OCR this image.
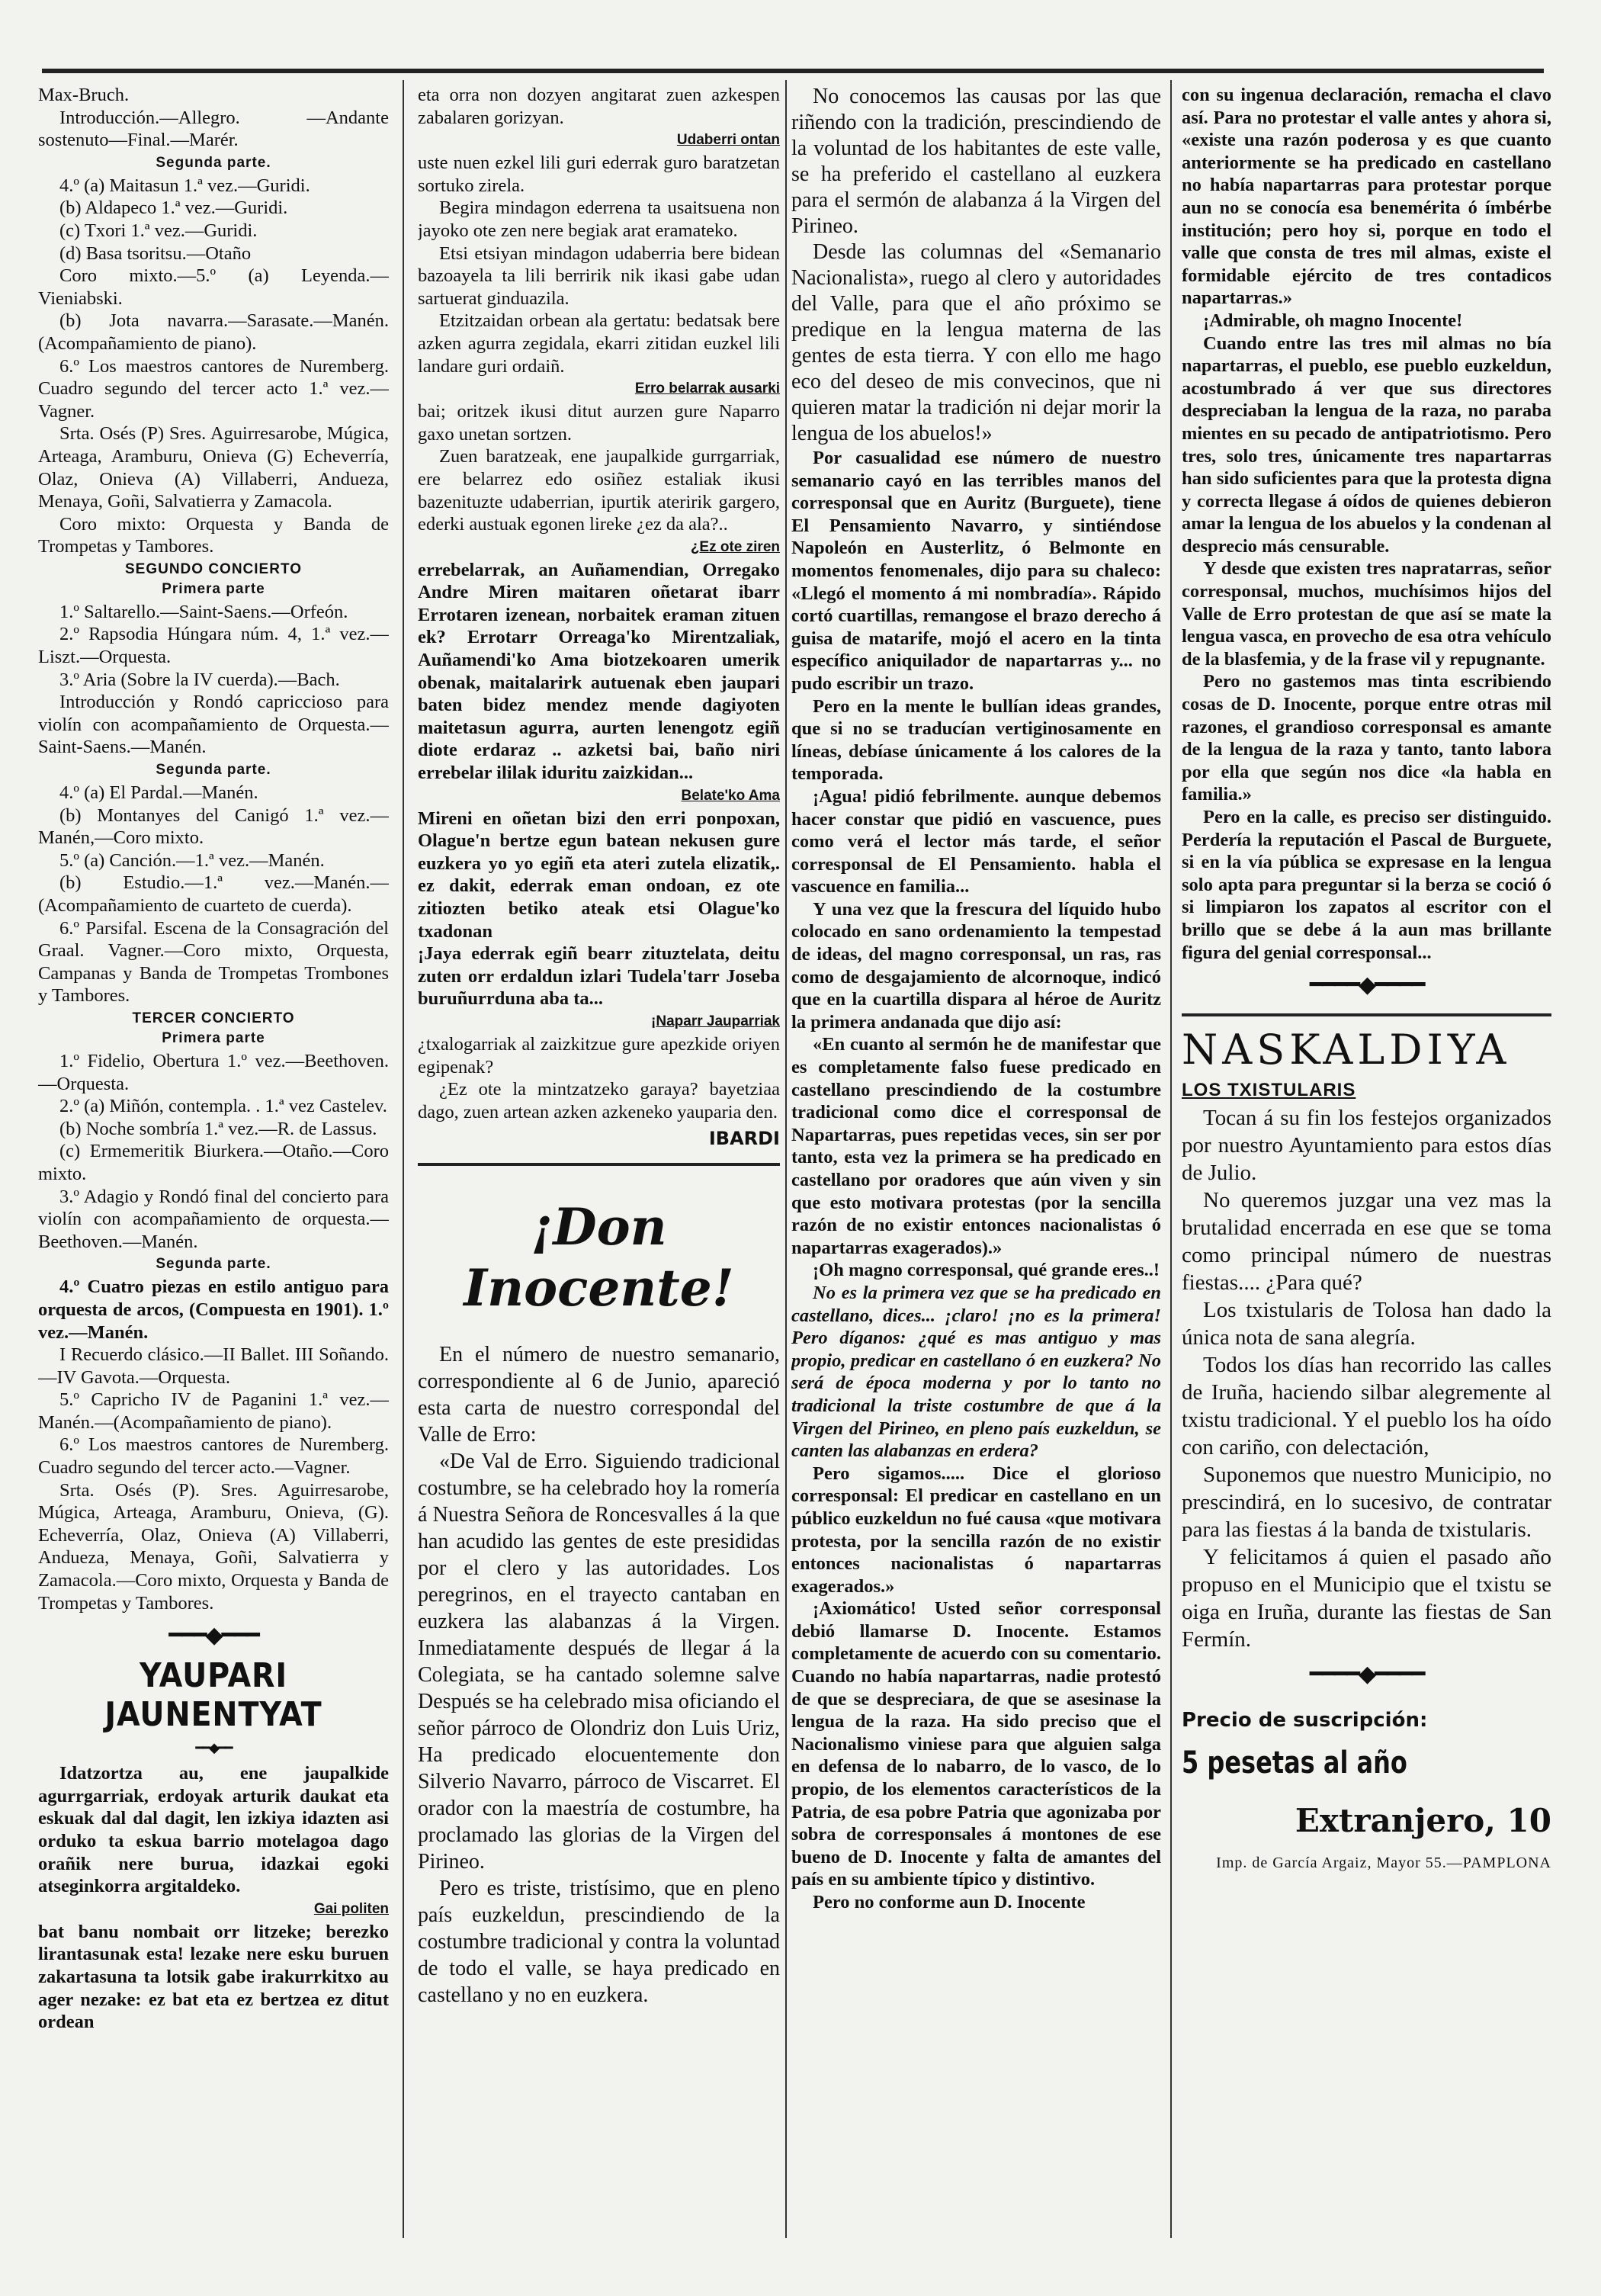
Max-Bruch.

Introducción.—Allegro. —Andante sostenuto—Final.—Marér.

Segunda parte.

4.º (a) Maitasun 1.ª vez.—Guridi.

(b) Aldapeco 1.ª vez.—Guridi.

(c) Txori 1.ª vez.—Guridi.

(d) Basa tsoritsu.—Otaño

Coro mixto.—5.º (a) Leyenda.—Vieniabski.

(b) Jota navarra.—Sarasate.—Manén. (Acompañamiento de piano).

6.º Los maestros cantores de Nuremberg. Cuadro segundo del tercer acto 1.ª vez.—Vagner.

Srta. Osés (P) Sres. Aguirresarobe, Múgica, Arteaga, Aramburu, Onieva (G) Echeverría, Olaz, Onieva (A) Villaberri, Andueza, Menaya, Goñi, Salvatierra y Zamacola.

Coro mixto: Orquesta y Banda de Trompetas y Tambores.

SEGUNDO CONCIERTO

Primera parte

1.º Saltarello.—Saint-Saens.—Orfeón.

2.º Rapsodia Húngara núm. 4, 1.ª vez.—Liszt.—Orquesta.

3.º Aria (Sobre la IV cuerda).—Bach.

Introducción y Rondó capriccioso para violín con acompañamiento de Orquesta.—Saint-Saens.—Manén.

Segunda parte.

4.º (a) El Pardal.—Manén.

(b) Montanyes del Canigó 1.ª vez.—Manén,—Coro mixto.

5.º (a) Canción.—1.ª vez.—Manén.

(b) Estudio.—1.ª vez.—Manén.—(Acompañamiento de cuarteto de cuerda).

6.º Parsifal. Escena de la Consagración del Graal. Vagner.—Coro mixto, Orquesta, Campanas y Banda de Trompetas Trombones y Tambores.

TERCER CONCIERTO

Primera parte

1.º Fidelio, Obertura 1.º vez.—Beethoven.—Orquesta.

2.º (a) Miñón, contempla. . 1.ª vez Castelev.

(b) Noche sombría 1.ª vez.—R. de Lassus.

(c) Ermemeritik Biurkera.—Otaño.—Coro mixto.

3.º Adagio y Rondó final del concierto para violín con acompañamiento de orquesta.—Beethoven.—Manén.

Segunda parte.

4.º Cuatro piezas en estilo antiguo para orquesta de arcos, (Compuesta en 1901). 1.º vez.—Manén.

I Recuerdo clásico.—II Ballet. III Soñando.—IV Gavota.—Orquesta.

5.º Capricho IV de Paganini 1.ª vez.—Manén.—(Acompañamiento de piano).

6.º Los maestros cantores de Nuremberg. Cuadro segundo del tercer acto.—Vagner.

Srta. Osés (P). Sres. Aguirresarobe, Múgica, Arteaga, Aramburu, Onieva, (G). Echeverría, Olaz, Onieva (A) Villaberri, Andueza, Menaya, Goñi, Salvatierra y Zamacola.—Coro mixto, Orquesta y Banda de Trompetas y Tambores.

━━━◆━━━

YAUPARI JAUNENTYAT

━━◆━━

Idatzortza au, ene jaupalkide agurrgarriak, erdoyak arturik daukat eta eskuak dal dal dagit, len izkiya idazten asi orduko ta eskua barrio motelagoa dago orañik nere burua, idazkai egoki atseginkorra argitaldeko.

Gai politen

bat banu nombait orr litzeke; berezko lirantasunak esta! lezake nere esku buruen zakartasuna ta lotsik gabe irakurrkitxo au ager nezake: ez bat eta ez bertzea ez ditut ordean

eta orra non dozyen angitarat zuen azkespen zabalaren gorizyan.

Udaberri ontan

uste nuen ezkel lili guri ederrak guro baratzetan sortuko zirela.

Begira mindagon ederrena ta usaitsuena non jayoko ote zen nere begiak arat eramateko.

Etsi etsiyan mindagon udaberria bere bidean bazoayela ta lili berririk nik ikasi gabe udan sartuerat ginduazila.

Etzitzaidan orbean ala gertatu: bedatsak bere azken agurra zegidala, ekarri zitidan euzkel lili landare guri ordaiñ.

Erro belarrak ausarki

bai; oritzek ikusi ditut aurzen gure Naparro gaxo unetan sortzen.

Zuen baratzeak, ene jaupalkide gurrgarriak, ere belarrez edo osiñez estaliak ikusi bazenituzte udaberrian, ipurtik ateririk gargero, ederki austuak egonen lireke ¿ez da ala?..

¿Ez ote ziren

errebelarrak, an Auñamendian, Orregako Andre Miren maitaren oñetarat ibarr Errotaren izenean, norbaitek eraman zituen ek? Errotarr Orreaga'ko Mirentzaliak, Auñamendi'ko Ama biotzekoaren umerik obenak, maitalarirk autuenak eben jaupari baten bidez mendez mende dagiyoten maitetasun agurra, aurten lenengotz egiñ diote erdaraz .. azketsi bai, baño niri errebelar ililak iduritu zaizkidan...

Belate'ko Ama

Mireni en oñetan bizi den erri ponpoxan, Olague'n bertze egun batean nekusen gure euzkera yo yo egiñ eta ateri zutela elizatik,. ez dakit, ederrak eman ondoan, ez ote zitiozten betiko ateak etsi Olague'ko txadonan

¡Jaya ederrak egiñ bearr zituztelata, deitu zuten orr erdaldun izlari Tudela'tarr Joseba buruñurrduna aba ta...

¡Naparr Jauparriak

¿txalogarriak al zaizkitzue gure apezkide oriyen egipenak?

¿Ez ote la mintzatzeko garaya? bayetziaa dago, zuen artean azken azkeneko yauparia den.

IBARDI

¡Don Inocente!

En el número de nuestro semanario, correspondiente al 6 de Junio, apareció esta carta de nuestro correspondal del Valle de Erro:

«De Val de Erro. Siguiendo tradicional costumbre, se ha celebrado hoy la romería á Nuestra Señora de Roncesvalles á la que han acudido las gentes de este presididas por el clero y las autoridades. Los peregrinos, en el trayecto cantaban en euzkera las alabanzas á la Virgen. Inmediatamente después de llegar á la Colegiata, se ha cantado solemne salve Después se ha celebrado misa oficiando el señor párroco de Olondriz don Luis Uriz, Ha predicado elocuentemente don Silverio Navarro, párroco de Viscarret. El orador con la maestría de costumbre, ha proclamado las glorias de la Virgen del Pirineo.

Pero es triste, tristísimo, que en pleno país euzkeldun, prescindiendo de la costumbre tradicional y contra la voluntad de todo el valle, se haya predicado en castellano y no en euzkera.

No conocemos las causas por las que riñendo con la tradición, prescindiendo de la voluntad de los habitantes de este valle, se ha preferido el castellano al euzkera para el sermón de alabanza á la Virgen del Pirineo.

Desde las columnas del «Semanario Nacionalista», ruego al clero y autoridades del Valle, para que el año próximo se predique en la lengua materna de las gentes de esta tierra. Y con ello me hago eco del deseo de mis convecinos, que ni quieren matar la tradición ni dejar morir la lengua de los abuelos!»

Por casualidad ese número de nuestro semanario cayó en las terribles manos del corresponsal que en Auritz (Burguete), tiene El Pensamiento Navarro, y sintiéndose Napoleón en Austerlitz, ó Belmonte en momentos fenomenales, dijo para su chaleco: «Llegó el momento á mi nombradía». Rápido cortó cuartillas, remangose el brazo derecho á guisa de matarife, mojó el acero en la tinta específico aniquilador de napartarras y... no pudo escribir un trazo.

Pero en la mente le bullían ideas grandes, que si no se traducían vertiginosamente en líneas, debíase únicamente á los calores de la temporada.

¡Agua! pidió febrilmente. aunque debemos hacer constar que pidió en vascuence, pues como verá el lector más tarde, el señor corresponsal de El Pensamiento. habla el vascuence en familia...

Y una vez que la frescura del líquido hubo colocado en sano ordenamiento la tempestad de ideas, del magno corresponsal, un ras, ras como de desgajamiento de alcornoque, indicó que en la cuartilla dispara al héroe de Auritz la primera andanada que dijo así:

«En cuanto al sermón he de manifestar que es completamente falso fuese predicado en castellano prescindiendo de la costumbre tradicional como dice el corresponsal de Napartarras, pues repetidas veces, sin ser por tanto, esta vez la primera se ha predicado en castellano por oradores que aún viven y sin que esto motivara protestas (por la sencilla razón de no existir entonces nacionalistas ó napartarras exagerados).»

¡Oh magno corresponsal, qué grande eres..!

No es la primera vez que se ha predicado en castellano, dices... ¡claro! ¡no es la primera! Pero díganos: ¿qué es mas antiguo y mas propio, predicar en castellano ó en euzkera? No será de época moderna y por lo tanto no tradicional la triste costumbre de que á la Virgen del Pirineo, en pleno país euzkeldun, se canten las alabanzas en erdera?

Pero sigamos..... Dice el glorioso corresponsal: El predicar en castellano en un público euzkeldun no fué causa «que motivara protesta, por la sencilla razón de no existir entonces nacionalistas ó napartarras exagerados.»

¡Axiomático! Usted señor corresponsal debió llamarse D. Inocente. Estamos completamente de acuerdo con su comentario. Cuando no había napartarras, nadie protestó de que se despreciara, de que se asesinase la lengua de la raza. Ha sido preciso que el Nacionalismo viniese para que alguien salga en defensa de lo nabarro, de lo vasco, de lo propio, de los elementos característicos de la Patria, de esa pobre Patria que agonizaba por sobra de corresponsales á montones de ese bueno de D. Inocente y falta de amantes del país en su ambiente típico y distintivo.

Pero no conforme aun D. Inocente

con su ingenua declaración, remacha el clavo así. Para no protestar el valle antes y ahora si, «existe una razón poderosa y es que cuanto anteriormente se ha predicado en castellano no había napartarras para protestar porque aun no se conocía esa benemérita ó ímbérbe institución; pero hoy si, porque en todo el valle que consta de tres mil almas, existe el formidable ejército de tres contadicos napartarras.»

¡Admirable, oh magno Inocente!

Cuando entre las tres mil almas no bía napartarras, el pueblo, ese pueblo euzkeldun, acostumbrado á ver que sus directores despreciaban la lengua de la raza, no paraba mientes en su pecado de antipatriotismo. Pero tres, solo tres, únicamente tres napartarras han sido suficientes para que la protesta digna y correcta llegase á oídos de quienes debieron amar la lengua de los abuelos y la condenan al desprecio más censurable.

Y desde que existen tres napratarras, señor corresponsal, muchos, muchísimos hijos del Valle de Erro protestan de que así se mate la lengua vasca, en provecho de esa otra vehículo de la blasfemia, y de la frase vil y repugnante.

Pero no gastemos mas tinta escribiendo cosas de D. Inocente, porque entre otras mil razones, el grandioso corresponsal es amante de la lengua de la raza y tanto, tanto labora por ella que según nos dice «la habla en familia.»

Pero en la calle, es preciso ser distinguido. Perdería la reputación el Pascal de Burguete, si en la vía pública se expresase en la lengua solo apta para preguntar si la berza se coció ó si limpiaron los zapatos al escritor con el brillo que se debe á la aun mas brillante figura del genial corresponsal...

━━━━◆━━━━

NASKALDIYA

LOS TXISTULARIS

Tocan á su fin los festejos organizados por nuestro Ayuntamiento para estos días de Julio.

No queremos juzgar una vez mas la brutalidad encerrada en ese que se toma como principal número de nuestras fiestas.... ¿Para qué?

Los txistularis de Tolosa han dado la única nota de sana alegría.

Todos los días han recorrido las calles de Iruña, haciendo silbar alegremente al txistu tradicional. Y el pueblo los ha oído con cariño, con delectación,

Suponemos que nuestro Municipio, no prescindirá, en lo sucesivo, de contratar para las fiestas á la banda de txistularis.

Y felicitamos á quien el pasado año propuso en el Municipio que el txistu se oiga en Iruña, durante las fiestas de San Fermín.

━━━━◆━━━━

Precio de suscripción:

5 pesetas al año

Extranjero, 10

Imp. de García Argaiz, Mayor 55.—PAMPLONA
